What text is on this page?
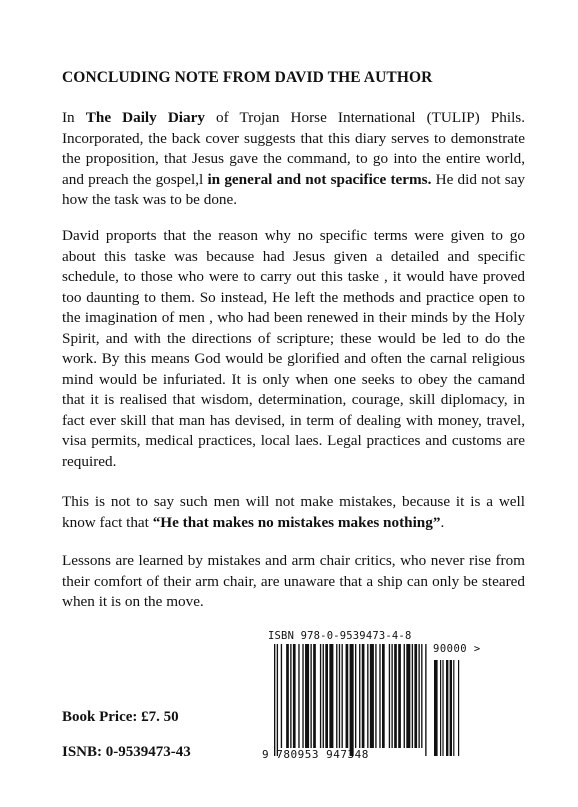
CONCLUDING NOTE FROM DAVID THE AUTHOR

In The Daily Diary of Trojan Horse International (TULIP) Phils. Incorporated, the back cover suggests that this diary serves to demonstrate the proposition, that Jesus gave the command, to go into the entire world, and preach the gospel,l in general and not spacifice terms. He did not say how the task was to be done.

David proports that the reason why no specific terms were given to go about this taske was because had Jesus given a detailed and specific schedule, to those who were to carry out this taske , it would have proved too daunting to them. So instead, He left the methods and practice open to the imagination of men , who had been renewed in their minds by the Holy Spirit, and with the directions of scripture; these would be led to do the work. By this means God would be glorified and often the carnal religious mind would be infuriated. It is only when one seeks to obey the camand that it is realised that wisdom, determination, courage, skill diplomacy, in fact ever skill that man has devised, in term of dealing with money, travel, visa permits, medical practices, local laes. Legal practices and customs are required.

This is not to say such men will not make mistakes, because it is a well know fact that “He that makes no mistakes makes nothing”.

Lessons are learned by mistakes and arm chair critics, who never rise from their comfort of their arm chair, are unaware that a ship can only be steared when it is on the move.

Book Price: £7. 50
ISNB: 0-9539473-43
ISBN 978-0-9539473-4-8
9 780953 947348
90000 >
